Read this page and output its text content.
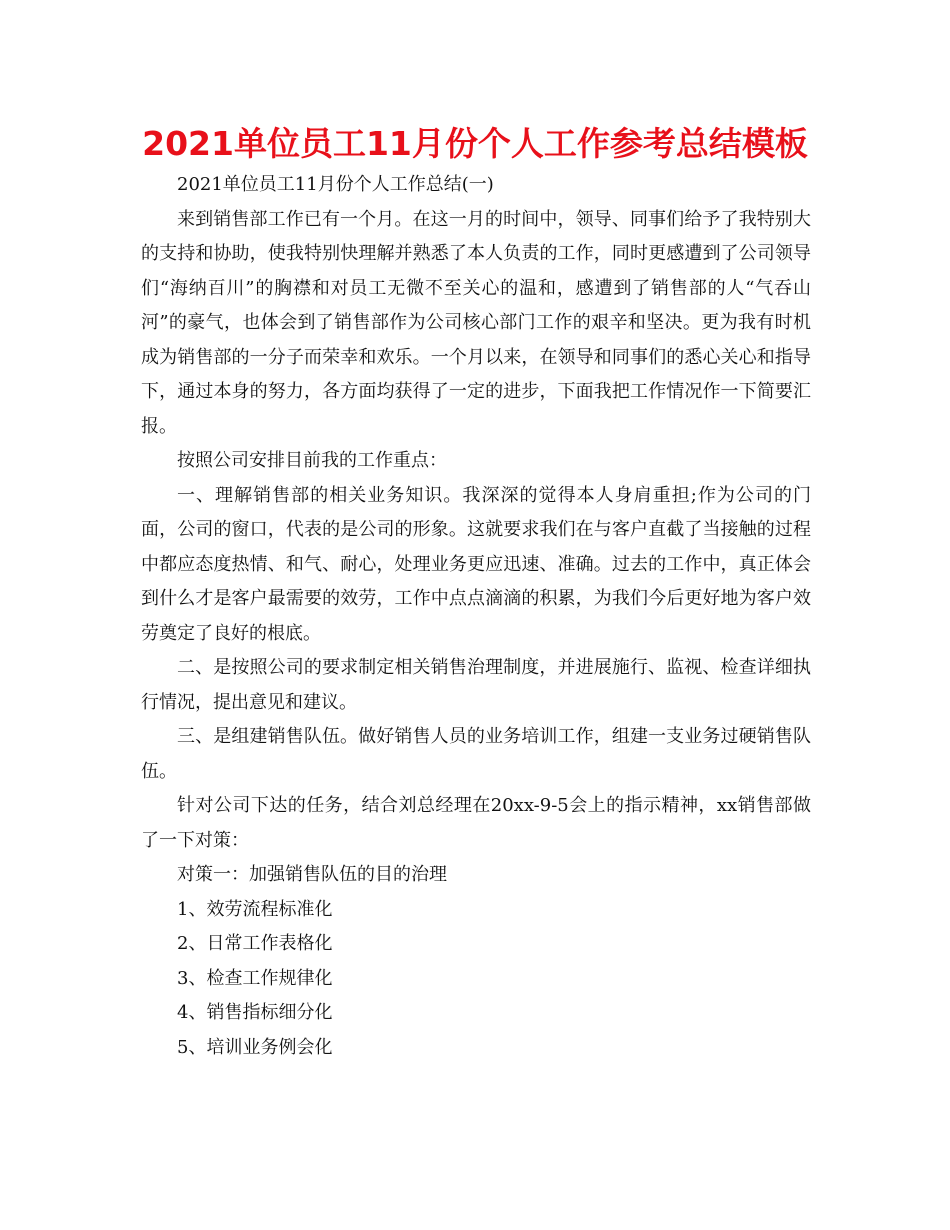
2021单位员工11月份个人工作参考总结模板

2021单位员工11月份个人工作总结(一)

来到销售部工作已有一个月。在这一月的时间中，领导、同事们给予了我特别大的支持和协助，使我特别快理解并熟悉了本人负责的工作，同时更感遭到了公司领导们“海纳百川”的胸襟和对员工无微不至关心的温和，感遭到了销售部的人“气吞山河”的豪气，也体会到了销售部作为公司核心部门工作的艰辛和坚决。更为我有时机成为销售部的一分子而荣幸和欢乐。一个月以来，在领导和同事们的悉心关心和指导下，通过本身的努力，各方面均获得了一定的进步，下面我把工作情况作一下简要汇报。

按照公司安排目前我的工作重点：

一、理解销售部的相关业务知识。我深深的觉得本人身肩重担;作为公司的门面，公司的窗口，代表的是公司的形象。这就要求我们在与客户直截了当接触的过程中都应态度热情、和气、耐心，处理业务更应迅速、准确。过去的工作中，真正体会到什么才是客户最需要的效劳，工作中点点滴滴的积累，为我们今后更好地为客户效劳奠定了良好的根底。

二、是按照公司的要求制定相关销售治理制度，并进展施行、监视、检查详细执行情况，提出意见和建议。

三、是组建销售队伍。做好销售人员的业务培训工作，组建一支业务过硬销售队伍。

针对公司下达的任务，结合刘总经理在20xx-9-5会上的指示精神，xx销售部做了一下对策：

对策一：加强销售队伍的目的治理

1、效劳流程标准化

2、日常工作表格化

3、检查工作规律化

4、销售指标细分化

5、培训业务例会化
